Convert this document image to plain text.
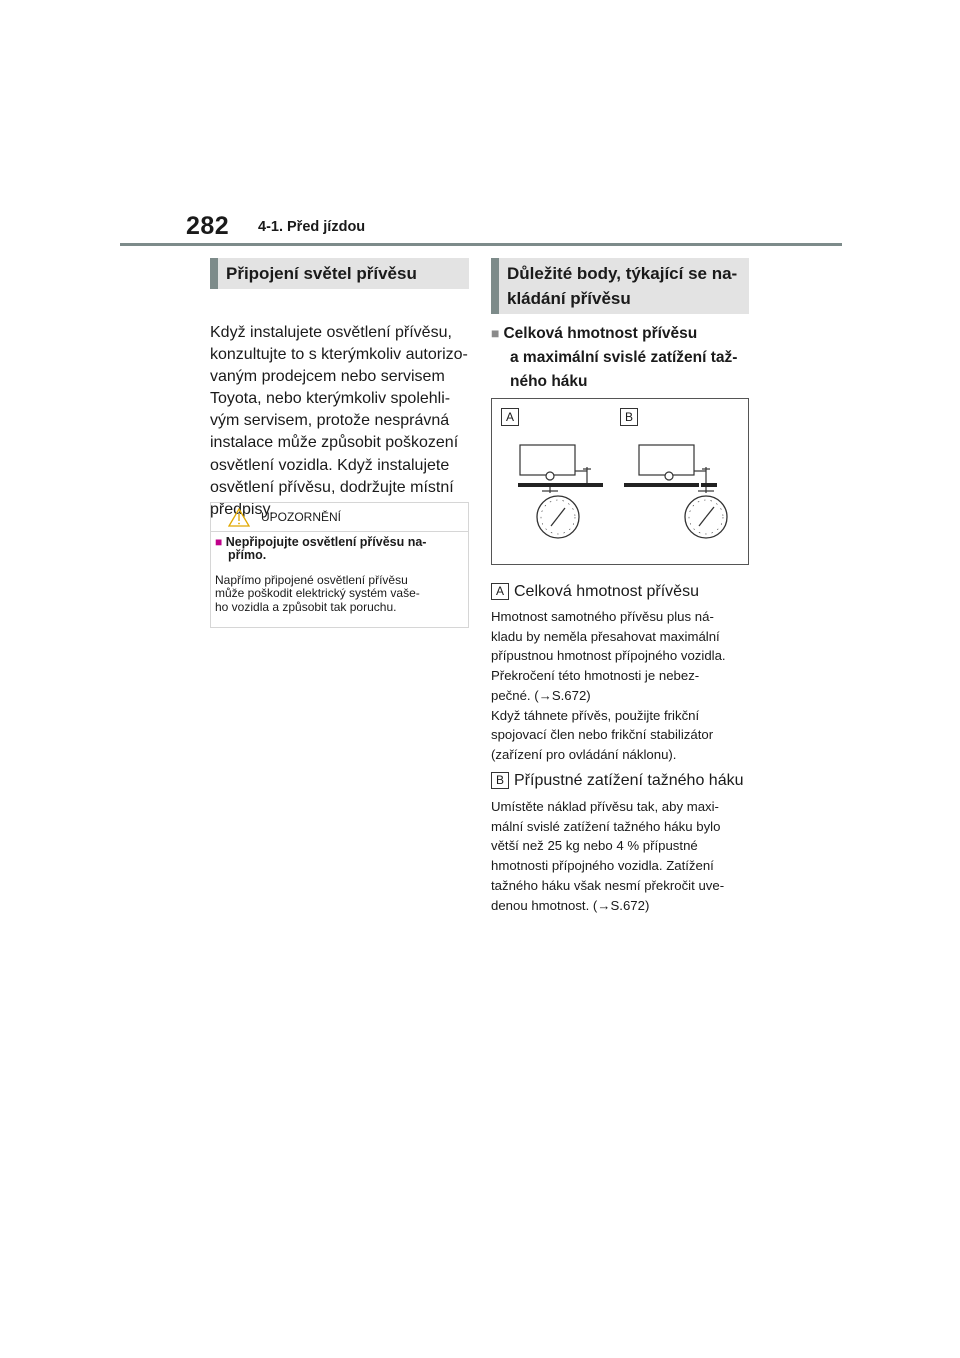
282 4-1. Před jízdou
Připojení světel přívěsu
Když instalujete osvětlení přívěsu,
konzultujte to s kterýmkoliv autorizo-
vaným prodejcem nebo servisem
Toyota, nebo kterýmkoliv spolehli-
vým servisem, protože nesprávná
instalace může způsobit poškození
osvětlení vozidla. Když instalujete
osvětlení přívěsu, dodržujte místní
předpisy.
UPOZORNĚNÍ
■ Nepřipojujte osvětlení přívěsu na-
přímo.
Napřímo připojené osvětlení přívěsu
může poškodit elektrický systém vaše-
ho vozidla a způsobit tak poruchu.
Důležité body, týkající se na-
kládání přívěsu
■ Celková hmotnost přívěsu
a maximální svislé zatížení taž-
ného háku
A	B
A Celková hmotnost přívěsu
Hmotnost samotného přívěsu plus ná-
kladu by neměla přesahovat maximální
přípustnou hmotnost přípojného vozidla.
Překročení této hmotnosti je nebez-
pečné. (→S.672)
Když táhnete přívěs, použijte frikční
spojovací člen nebo frikční stabilizátor
(zařízení pro ovládání náklonu).
B Přípustné zatížení tažného háku
Umístěte náklad přívěsu tak, aby maxi-
mální svislé zatížení tažného háku bylo
větší než 25 kg nebo 4 % přípustné
hmotnosti přípojného vozidla. Zatížení
tažného háku však nesmí překročit uve-
denou hmotnost. (→S.672)
